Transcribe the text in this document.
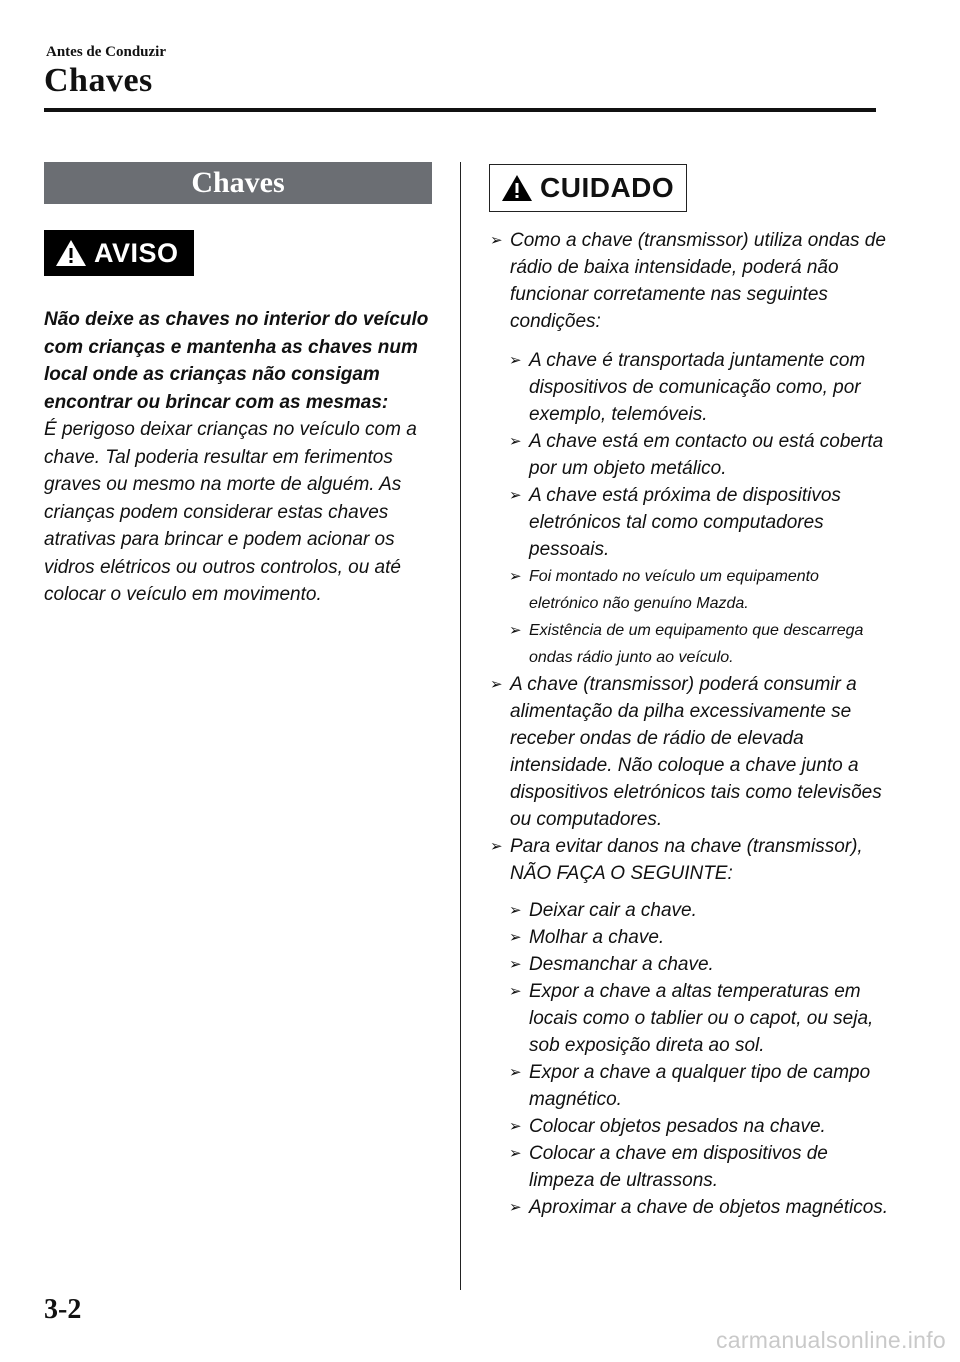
Antes de Conduzir
Chaves
Chaves
AVISO
Não deixe as chaves no interior do veículo com crianças e mantenha as chaves num local onde as crianças não consigam encontrar ou brincar com as mesmas:
É perigoso deixar crianças no veículo com a chave. Tal poderia resultar em ferimentos graves ou mesmo na morte de alguém. As crianças podem considerar estas chaves atrativas para brincar e podem acionar os vidros elétricos ou outros controlos, ou até colocar o veículo em movimento.
CUIDADO
➢ Como a chave (transmissor) utiliza ondas de rádio de baixa intensidade, poderá não funcionar corretamente nas seguintes condições:
➢ A chave é transportada juntamente com dispositivos de comunicação como, por exemplo, telemóveis.
➢ A chave está em contacto ou está coberta por um objeto metálico.
➢ A chave está próxima de dispositivos eletrónicos tal como computadores pessoais.
➢ Foi montado no veículo um equipamento eletrónico não genuíno Mazda.
➢ Existência de um equipamento que descarrega ondas rádio junto ao veículo.
➢ A chave (transmissor) poderá consumir a alimentação da pilha excessivamente se receber ondas de rádio de elevada intensidade. Não coloque a chave junto a dispositivos eletrónicos tais como televisões ou computadores.
➢ Para evitar danos na chave (transmissor), NÃO FAÇA O SEGUINTE:
➢ Deixar cair a chave.
➢ Molhar a chave.
➢ Desmanchar a chave.
➢ Expor a chave a altas temperaturas em locais como o tablier ou o capot, ou seja, sob exposição direta ao sol.
➢ Expor a chave a qualquer tipo de campo magnético.
➢ Colocar objetos pesados na chave.
➢ Colocar a chave em dispositivos de limpeza de ultrassons.
➢ Aproximar a chave de objetos magnéticos.
3-2
carmanualsonline.info
